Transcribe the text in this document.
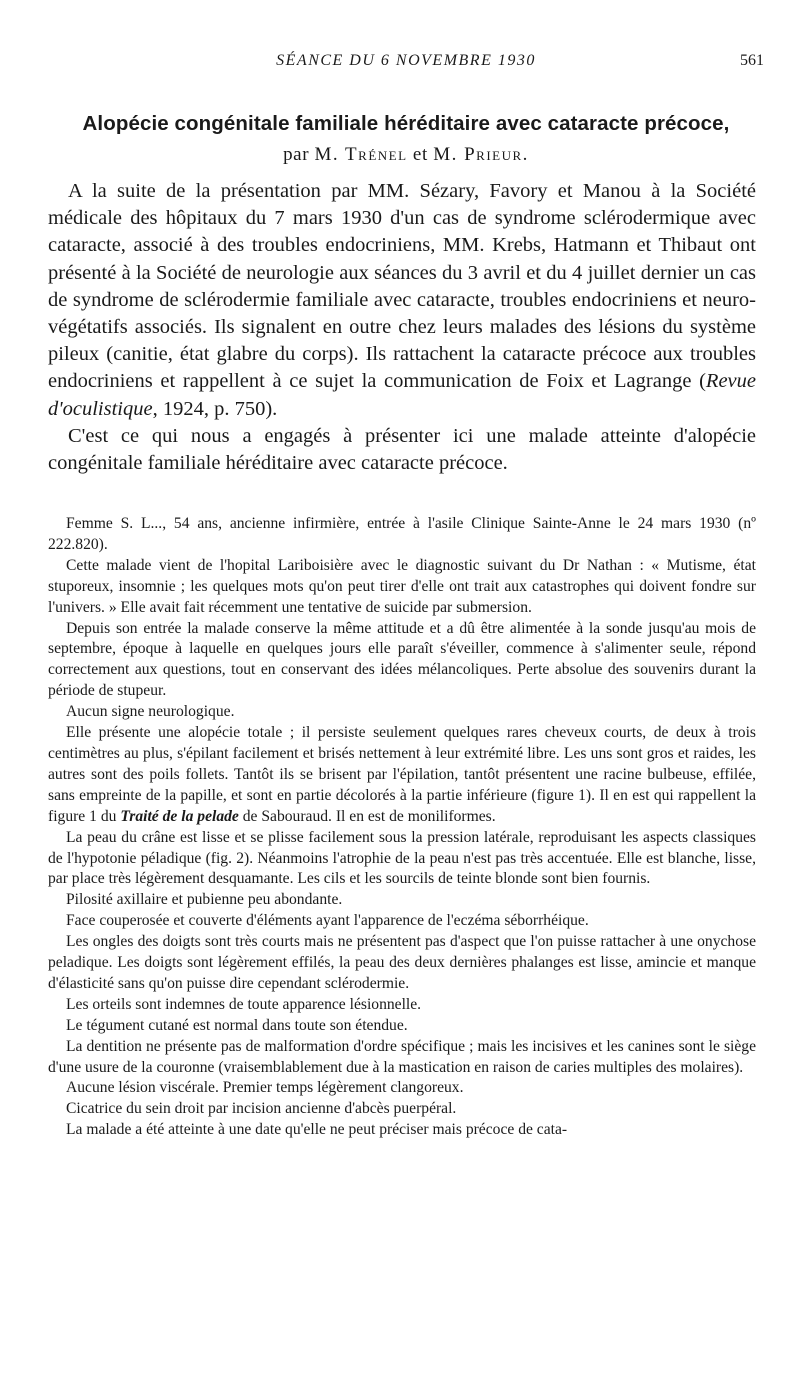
SÉANCE DU 6 NOVEMBRE 1930	561
Alopécie congénitale familiale héréditaire avec cataracte précoce,
par M. Trénel et M. Prieur.

A la suite de la présentation par MM. Sézary, Favory et Manou à la Société médicale des hôpitaux du 7 mars 1930 d'un cas de syndrome sclérodermique avec cataracte, associé à des troubles endocriniens, MM. Krebs, Hatmann et Thibaut ont présenté à la Société de neurologie aux séances du 3 avril et du 4 juillet dernier un cas de syndrome de sclérodermie familiale avec cataracte, troubles endocriniens et neuro-végétatifs associés. Ils signalent en outre chez leurs malades des lésions du système pileux (canitie, état glabre du corps). Ils rattachent la cataracte précoce aux troubles endocriniens et rappellent à ce sujet la communication de Foix et Lagrange (Revue d'oculistique, 1924, p. 750).

C'est ce qui nous a engagés à présenter ici une malade atteinte d'alopécie congénitale familiale héréditaire avec cataracte précoce.

Femme S. L..., 54 ans, ancienne infirmière, entrée à l'asile Clinique Sainte-Anne le 24 mars 1930 (nº 222.820).

Cette malade vient de l'hopital Lariboisière avec le diagnostic suivant du Dr Nathan : « Mutisme, état stuporeux, insomnie ; les quelques mots qu'on peut tirer d'elle ont trait aux catastrophes qui doivent fondre sur l'univers. » Elle avait fait récemment une tentative de suicide par submersion.

Depuis son entrée la malade conserve la même attitude et a dû être alimentée à la sonde jusqu'au mois de septembre, époque à laquelle en quelques jours elle paraît s'éveiller, commence à s'alimenter seule, répond correctement aux questions, tout en conservant des idées mélancoliques. Perte absolue des souvenirs durant la période de stupeur.

Aucun signe neurologique.

Elle présente une alopécie totale ; il persiste seulement quelques rares cheveux courts, de deux à trois centimètres au plus, s'épilant facilement et brisés nettement à leur extrémité libre. Les uns sont gros et raides, les autres sont des poils follets. Tantôt ils se brisent par l'épilation, tantôt présentent une racine bulbeuse, effilée, sans empreinte de la papille, et sont en partie décolorés à la partie inférieure (figure 1). Il en est qui rappellent la figure 1 du Traité de la pelade de Sabouraud. Il en est de moniliformes.

La peau du crâne est lisse et se plisse facilement sous la pression latérale, reproduisant les aspects classiques de l'hypotonie péladique (fig. 2). Néanmoins l'atrophie de la peau n'est pas très accentuée. Elle est blanche, lisse, par place très légèrement desquamante. Les cils et les sourcils de teinte blonde sont bien fournis.

Pilosité axillaire et pubienne peu abondante.

Face couperosée et couverte d'éléments ayant l'apparence de l'eczéma séborrhéique.

Les ongles des doigts sont très courts mais ne présentent pas d'aspect que l'on puisse rattacher à une onychose peladique. Les doigts sont légèrement effilés, la peau des deux dernières phalanges est lisse, amincie et manque d'élasticité sans qu'on puisse dire cependant sclérodermie.

Les orteils sont indemnes de toute apparence lésionnelle.

Le tégument cutané est normal dans toute son étendue.

La dentition ne présente pas de malformation d'ordre spécifique ; mais les incisives et les canines sont le siège d'une usure de la couronne (vraisemblablement due à la mastication en raison de caries multiples des molaires).

Aucune lésion viscérale. Premier temps légèrement clangoreux.

Cicatrice du sein droit par incision ancienne d'abcès puerpéral.

La malade a été atteinte à une date qu'elle ne peut préciser mais précoce de cata-
